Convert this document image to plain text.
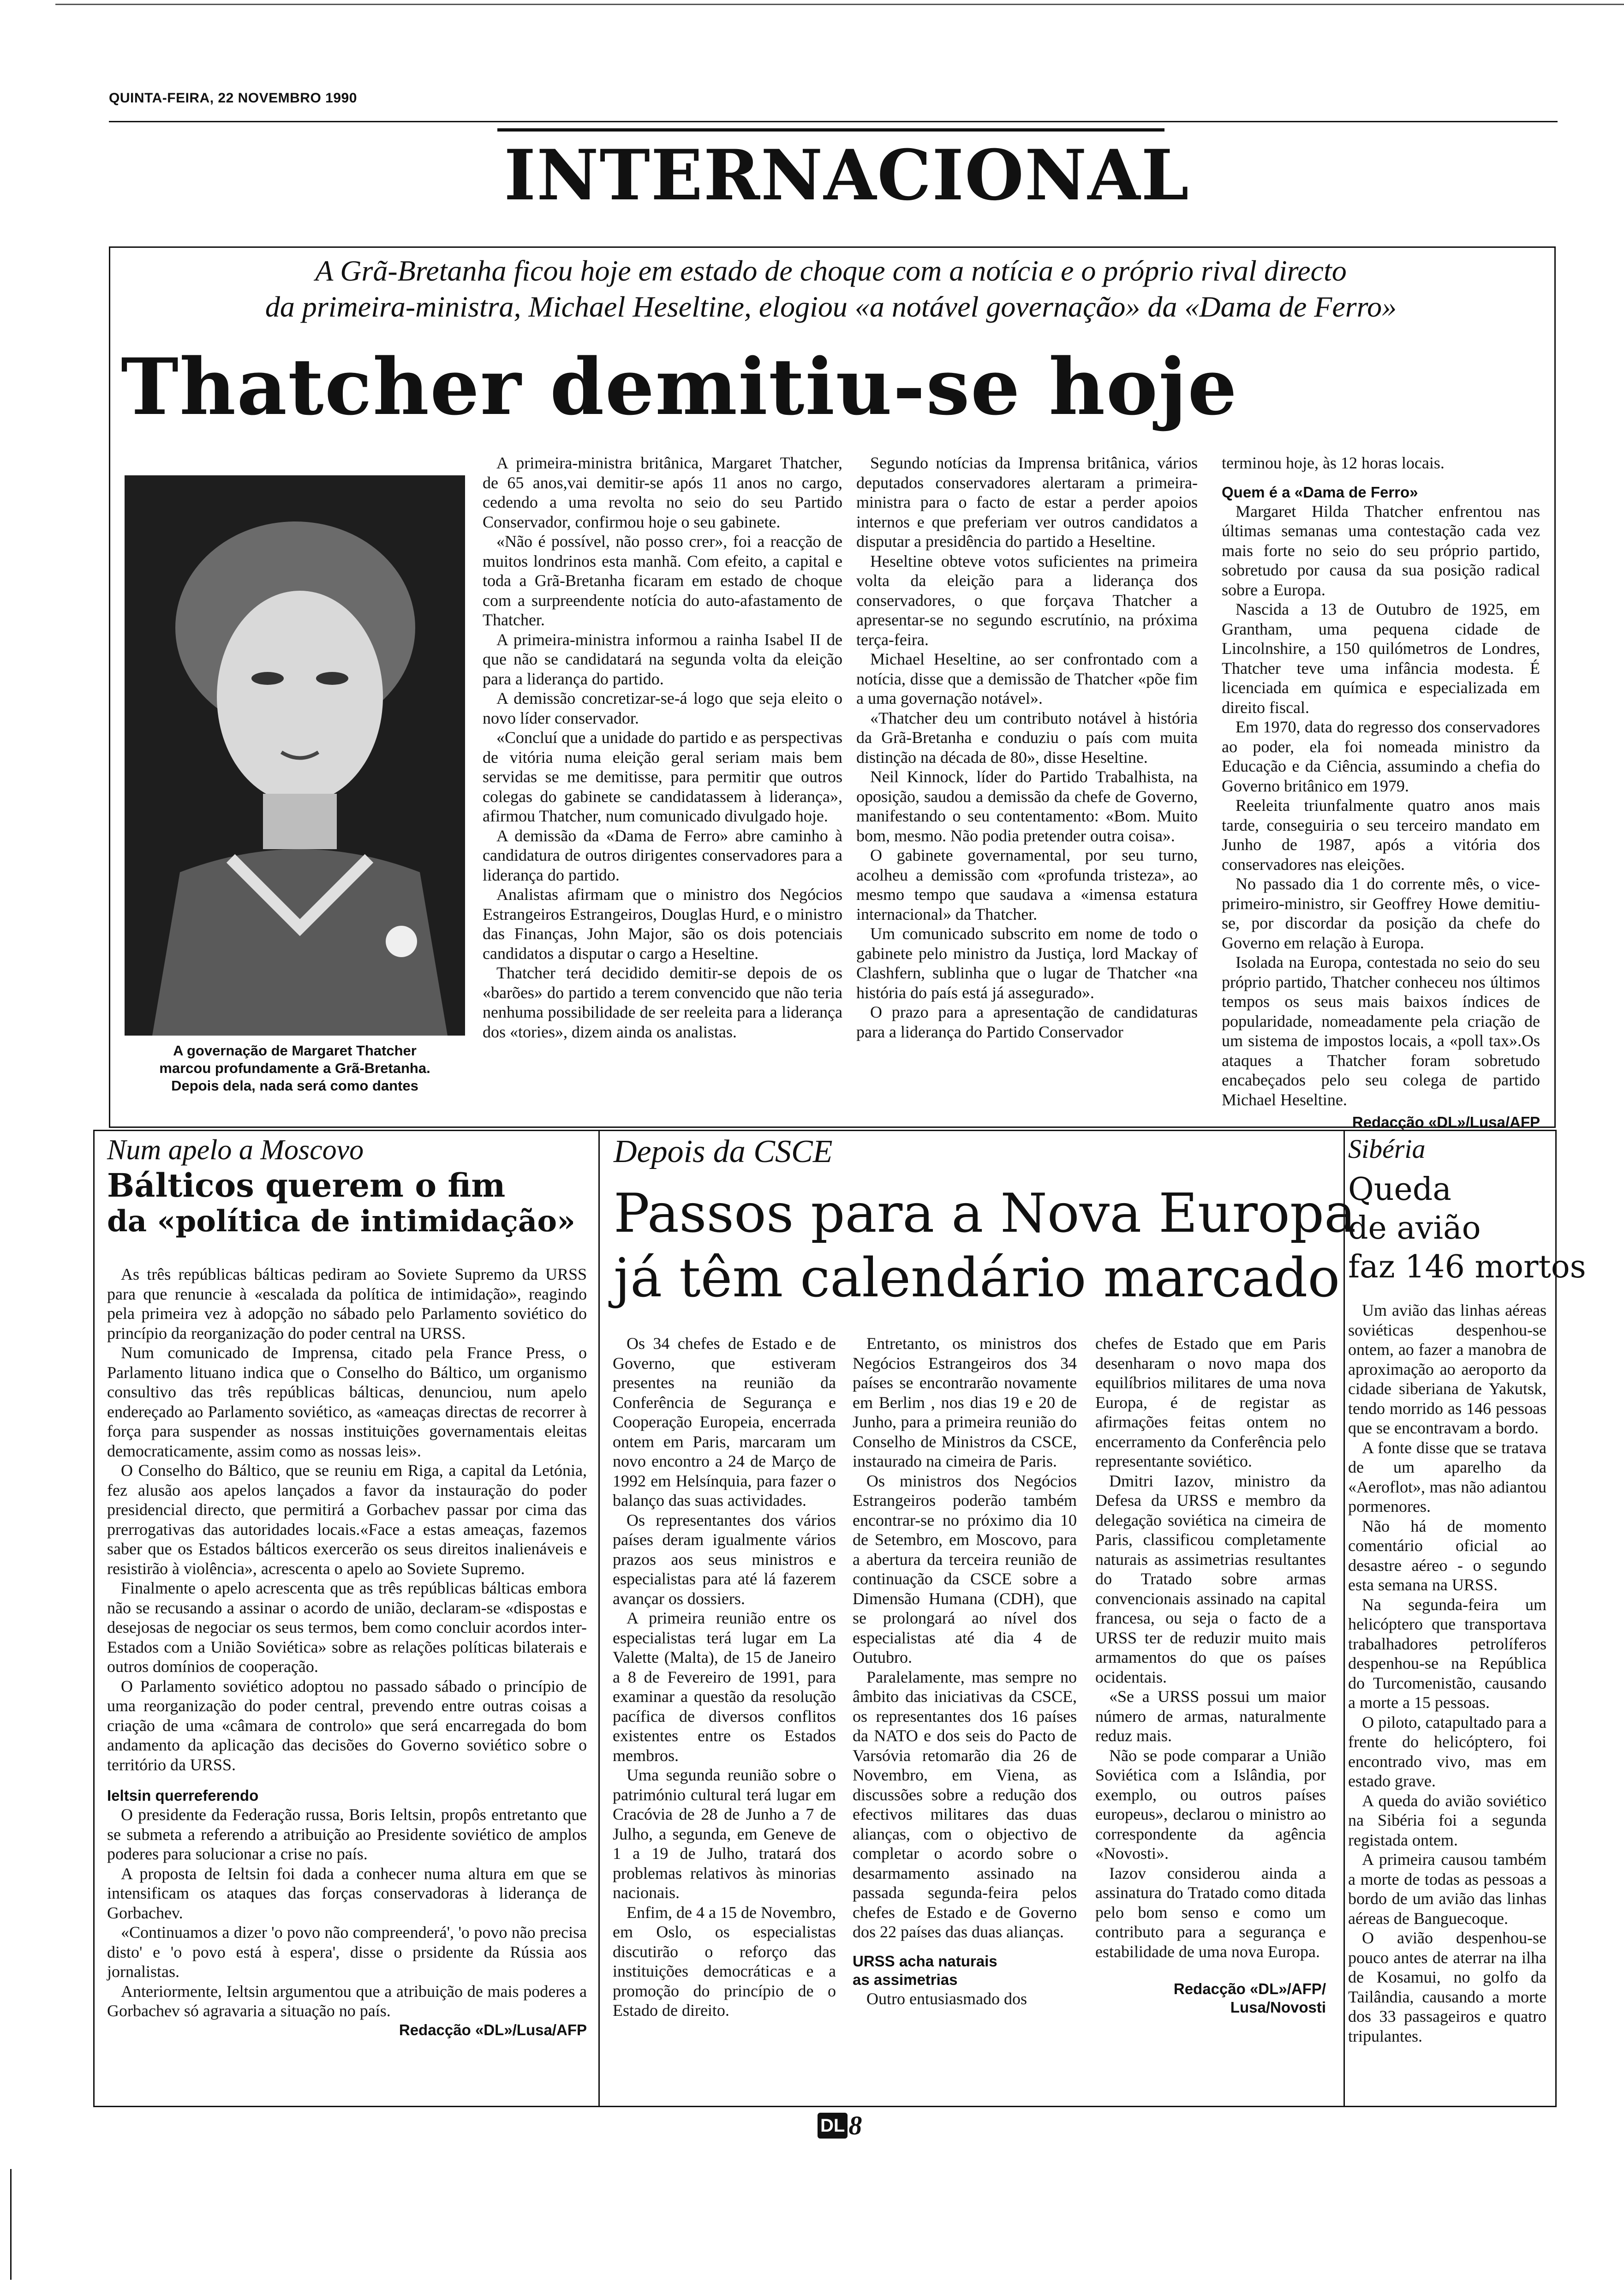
QUINTA-FEIRA, 22 NOVEMBRO 1990
INTERNACIONAL
A Grã-Bretanha ficou hoje em estado de choque com a notícia e o próprio rival directo
da primeira-ministra, Michael Heseltine, elogiou «a notável governação» da «Dama de Ferro»
Thatcher demitiu-se hoje
A governação de Margaret Thatcher
marcou profundamente a Grã-Bretanha.
Depois dela, nada será como dantes

A primeira-ministra britânica, Margaret Thatcher, de 65 anos,vai demitir-se após 11 anos no cargo, cedendo a uma revolta no seio do seu Partido Conservador, confirmou hoje o seu gabinete.

«Não é possível, não posso crer», foi a reacção de muitos londrinos esta manhã. Com efeito, a capital e toda a Grã-Bretanha ficaram em estado de choque com a surpreendente notícia do auto-afastamento de Thatcher.

A primeira-ministra informou a rainha Isabel II de que não se candidatará na segunda volta da eleição para a liderança do partido.

A demissão concretizar-se-á logo que seja eleito o novo líder conservador.

«Concluí que a unidade do partido e as perspectivas de vitória numa eleição geral seriam mais bem servidas se me demitisse, para permitir que outros colegas do gabinete se candidatassem à liderança», afirmou Thatcher, num comunicado divulgado hoje.

A demissão da «Dama de Ferro» abre caminho à candidatura de outros dirigentes conservadores para a liderança do partido.

Analistas afirmam que o ministro dos Negócios Estrangeiros Estrangeiros, Douglas Hurd, e o ministro das Finanças, John Major, são os dois potenciais candidatos a disputar o cargo a Heseltine.

Thatcher terá decidido demitir-se depois de os «barões» do partido a terem convencido que não teria nenhuma possibilidade de ser reeleita para a liderança dos «tories», dizem ainda os analistas.

Segundo notícias da Imprensa britânica, vários deputados conservadores alertaram a primeira-ministra para o facto de estar a perder apoios internos e que preferiam ver outros candidatos a disputar a presidência do partido a Heseltine.

Heseltine obteve votos suficientes na primeira volta da eleição para a liderança dos conservadores, o que forçava Thatcher a apresentar-se no segundo escrutínio, na próxima terça-feira.

Michael Heseltine, ao ser confrontado com a notícia, disse que a demissão de Thatcher «põe fim a uma governação notável».

«Thatcher deu um contributo notável à história da Grã-Bretanha e conduziu o país com muita distinção na década de 80», disse Heseltine.

Neil Kinnock, líder do Partido Trabalhista, na oposição, saudou a demissão da chefe de Governo, manifestando o seu contentamento: «Bom. Muito bom, mesmo. Não podia pretender outra coisa».

O gabinete governamental, por seu turno, acolheu a demissão com «profunda tristeza», ao mesmo tempo que saudava a «imensa estatura internacional» da Thatcher.

Um comunicado subscrito em nome de todo o gabinete pelo ministro da Justiça, lord Mackay of Clashfern, sublinha que o lugar de Thatcher «na história do país está já assegurado».

O prazo para a apresentação de candidaturas para a liderança do Partido Conservador

terminou hoje, às 12 horas locais.

Quem é a «Dama de Ferro»

Margaret Hilda Thatcher enfrentou nas últimas semanas uma contestação cada vez mais forte no seio do seu próprio partido, sobretudo por causa da sua posição radical sobre a Europa.

Nascida a 13 de Outubro de 1925, em Grantham, uma pequena cidade de Lincolnshire, a 150 quilómetros de Londres, Thatcher teve uma infância modesta. É licenciada em química e especializada em direito fiscal.

Em 1970, data do regresso dos conservadores ao poder, ela foi nomeada ministro da Educação e da Ciência, assumindo a chefia do Governo britânico em 1979.

Reeleita triunfalmente quatro anos mais tarde, conseguiria o seu terceiro mandato em Junho de 1987, após a vitória dos conservadores nas eleições.

No passado dia 1 do corrente mês, o vice-primeiro-ministro, sir Geoffrey Howe demitiu-se, por discordar da posição da chefe do Governo em relação à Europa.

Isolada na Europa, contestada no seio do seu próprio partido, Thatcher conheceu nos últimos tempos os seus mais baixos índices de popularidade, nomeadamente pela criação de um sistema de impostos locais, a «poll tax».Os ataques a Thatcher foram sobretudo encabeçados pelo seu colega de partido Michael Heseltine.

Redacção «DL»/Lusa/AFP
Num apelo a Moscovo
Bálticos querem o fim
da «política de intimidação»

As três repúblicas bálticas pediram ao Soviete Supremo da URSS para que renuncie à «escalada da política de intimidação», reagindo pela primeira vez à adopção no sábado pelo Parlamento soviético do princípio da reorganização do poder central na URSS.

Num comunicado de Imprensa, citado pela France Press, o Parlamento lituano indica que o Conselho do Báltico, um organismo consultivo das três repúblicas bálticas, denunciou, num apelo endereçado ao Parlamento soviético, as «ameaças directas de recorrer à força para suspender as nossas instituições governamentais eleitas democraticamente, assim como as nossas leis».

O Conselho do Báltico, que se reuniu em Riga, a capital da Letónia, fez alusão aos apelos lançados a favor da instauração do poder presidencial directo, que permitirá a Gorbachev passar por cima das prerrogativas das autoridades locais.«Face a estas ameaças, fazemos saber que os Estados bálticos exercerão os seus direitos inalienáveis e resistirão à violência», acrescenta o apelo ao Soviete Supremo.

Finalmente o apelo acrescenta que as três repúblicas bálticas embora não se recusando a assinar o acordo de união, declaram-se «dispostas e desejosas de negociar os seus termos, bem como concluir acordos inter-Estados com a União Soviética» sobre as relações políticas bilaterais e outros domínios de cooperação.

O Parlamento soviético adoptou no passado sábado o princípio de uma reorganização do poder central, prevendo entre outras coisas a criação de uma «câmara de controlo» que será encarregada do bom andamento da aplicação das decisões do Governo soviético sobre o território da URSS.

Ieltsin querreferendo

O presidente da Federação russa, Boris Ieltsin, propôs entretanto que se submeta a referendo a atribuição ao Presidente soviético de amplos poderes para solucionar a crise no país.

A proposta de Ieltsin foi dada a conhecer numa altura em que se intensificam os ataques das forças conservadoras à liderança de Gorbachev.

«Continuamos a dizer 'o povo não compreenderá', 'o povo não precisa disto' e 'o povo está à espera', disse o prsidente da Rússia aos jornalistas.

Anteriormente, Ieltsin argumentou que a atribuição de mais poderes a Gorbachev só agravaria a situação no país.

Redacção «DL»/Lusa/AFP
Depois da CSCE
Passos para a Nova Europa
já têm calendário marcado

Os 34 chefes de Estado e de Governo, que estiveram presentes na reunião da Conferência de Segurança e Cooperação Europeia, encerrada ontem em Paris, marcaram um novo encontro a 24 de Março de 1992 em Helsínquia, para fazer o balanço das suas actividades.

Os representantes dos vários países deram igualmente vários prazos aos seus ministros e especialistas para até lá fazerem avançar os dossiers.

A primeira reunião entre os especialistas terá lugar em La Valette (Malta), de 15 de Janeiro a 8 de Fevereiro de 1991, para examinar a questão da resolução pacífica de diversos conflitos existentes entre os Estados membros.

Uma segunda reunião sobre o património cultural terá lugar em Cracóvia de 28 de Junho a 7 de Julho, a segunda, em Geneve de 1 a 19 de Julho, tratará dos problemas relativos às minorias nacionais.

Enfim, de 4 a 15 de Novembro, em Oslo, os especialistas discutirão o reforço das instituições democráticas e a promoção do princípio de o Estado de direito.

Entretanto, os ministros dos Negócios Estrangeiros dos 34 países se encontrarão novamente em Berlim , nos dias 19 e 20 de Junho, para a primeira reunião do Conselho de Ministros da CSCE, instaurado na cimeira de Paris.

Os ministros dos Negócios Estrangeiros poderão também encontrar-se no próximo dia 10 de Setembro, em Moscovo, para a abertura da terceira reunião de continuação da CSCE sobre a Dimensão Humana (CDH), que se prolongará ao nível dos especialistas até dia 4 de Outubro.

Paralelamente, mas sempre no âmbito das iniciativas da CSCE, os representantes dos 16 países da NATO e dos seis do Pacto de Varsóvia retomarão dia 26 de Novembro, em Viena, as discussões sobre a redução dos efectivos militares das duas alianças, com o objectivo de completar o acordo sobre o desarmamento assinado na passada segunda-feira pelos chefes de Estado e de Governo dos 22 países das duas alianças.

URSS acha naturais
as assimetrias

Outro entusiasmado dos

chefes de Estado que em Paris desenharam o novo mapa dos equilíbrios militares de uma nova Europa, é de registar as afirmações feitas ontem no encerramento da Conferência pelo representante soviético.

Dmitri Iazov, ministro da Defesa da URSS e membro da delegação soviética na cimeira de Paris, classificou completamente naturais as assimetrias resultantes do Tratado sobre armas convencionais assinado na capital francesa, ou seja o facto de a URSS ter de reduzir muito mais armamentos do que os países ocidentais.

«Se a URSS possui um maior número de armas, naturalmente reduz mais.

Não se pode comparar a União Soviética com a Islândia, por exemplo, ou outros países europeus», declarou o ministro ao correspondente da agência «Novosti».

Iazov considerou ainda a assinatura do Tratado como ditada pelo bom senso e como um contributo para a segurança e estabilidade de uma nova Europa.

Redacção «DL»/AFP/
Lusa/Novosti
Sibéria
Queda
de avião
faz 146 mortos

Um avião das linhas aéreas soviéticas despenhou-se ontem, ao fazer a manobra de aproximação ao aeroporto da cidade siberiana de Yakutsk, tendo morrido as 146 pessoas que se encontravam a bordo.

A fonte disse que se tratava de um aparelho da «Aeroflot», mas não adiantou pormenores.

Não há de momento comentário oficial ao desastre aéreo - o segundo esta semana na URSS.

Na segunda-feira um helicóptero que transportava trabalhadores petrolíferos despenhou-se na República do Turcomenistão, causando a morte a 15 pessoas.

O piloto, catapultado para a frente do helicóptero, foi encontrado vivo, mas em estado grave.

A queda do avião soviético na Sibéria foi a segunda registada ontem.

A primeira causou também a morte de todas as pessoas a bordo de um avião das linhas aéreas de Banguecoque.

O avião despenhou-se pouco antes de aterrar na ilha de Kosamui, no golfo da Tailândia, causando a morte dos 33 passageiros e quatro tripulantes.

DL 8
